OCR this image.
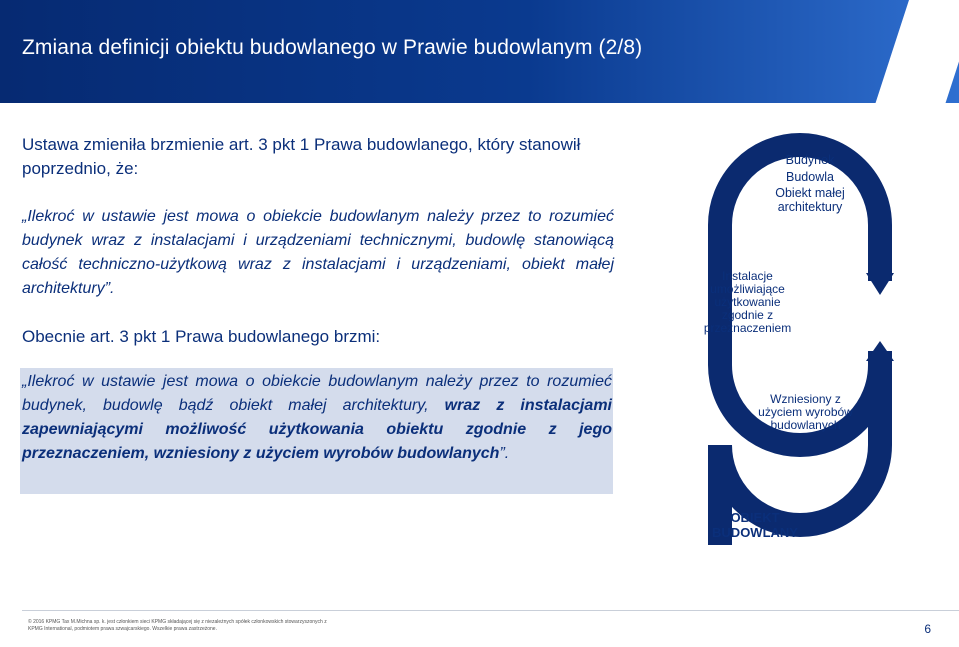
Zmiana definicji obiektu budowlanego w Prawie budowlanym (2/8)

Ustawa zmieniła brzmienie art. 3 pkt 1 Prawa budowlanego, który stanowił poprzednio, że:

„Ilekroć w ustawie jest mowa o obiekcie budowlanym należy przez to rozumieć budynek wraz z instalacjami i urządzeniami technicznymi, budowlę stanowiącą całość techniczno-użytkową wraz z instalacjami i urządzeniami, obiekt małej architektury”.

Obecnie art. 3 pkt 1 Prawa budowlanego brzmi:

„Ilekroć w ustawie jest mowa o obiekcie budowlanym należy przez to rozumieć budynek, budowlę bądź obiekt małej architektury, wraz z instalacjami zapewniającymi możliwość użytkowania obiektu zgodnie z jego przeznaczeniem, wzniesiony z użyciem wyrobów budowlanych”.

Budynek
Budowla
Obiekt małej
architektury
Instalacje
umożliwiające
użytkowanie
zgodnie z
przeznaczeniem
Wzniesiony z
użyciem wyrobów
budowlanych
OBIEKT
BUDOWLANY
© 2016 KPMG Tax M.Michna sp. k. jest członkiem sieci KPMG składającej się z niezależnych spółek członkowskich stowarzyszonych z KPMG International, podmiotem prawa szwajcarskiego. Wszelkie prawa zastrzeżone.	6
